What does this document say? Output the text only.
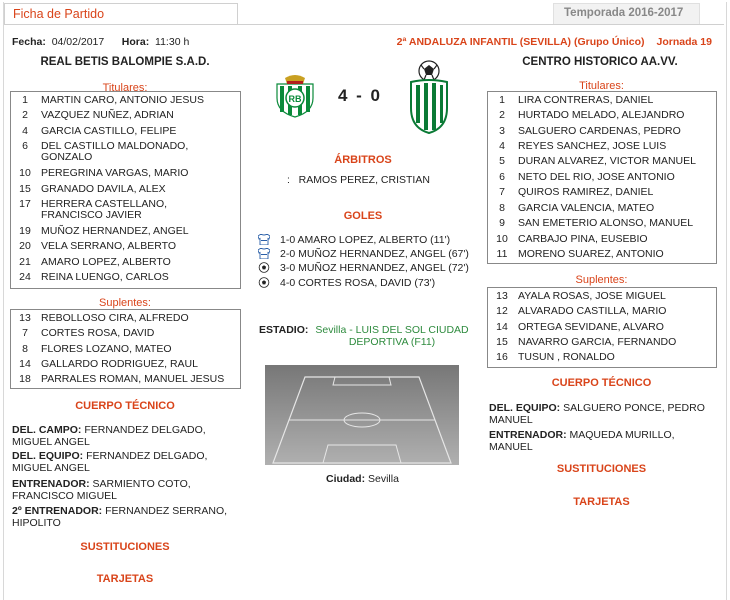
Ficha de Partido	Temporada 2016-2017
Fecha: 04/02/2017 Hora: 11:30 h	2ª ANDALUZA INFANTIL (SEVILLA) (Grupo Único) Jornada 19
REAL BETIS BALOMPIE S.A.D.	CENTRO HISTORICO AA.VV.
RB 4 - 0
Titulares:
1	MARTIN CARO, ANTONIO JESUS
2	VAZQUEZ NUÑEZ, ADRIAN
4	GARCIA CASTILLO, FELIPE
6	DEL CASTILLO MALDONADO, GONZALO
10 PEREGRINA VARGAS, MARIO
15 GRANADO DAVILA, ALEX
17 HERRERA CASTELLANO, FRANCISCO JAVIER
19 MUÑOZ HERNANDEZ, ANGEL
20 VELA SERRANO, ALBERTO
21 AMARO LOPEZ, ALBERTO
24 REINA LUENGO, CARLOS
Suplentes:
13 REBOLLOSO CIRA, ALFREDO
7	CORTES ROSA, DAVID
8	FLORES LOZANO, MATEO
14 GALLARDO RODRIGUEZ, RAUL
18 PARRALES ROMAN, MANUEL JESUS
CUERPO TÉCNICO
DEL. CAMPO: FERNANDEZ DELGADO, MIGUEL ANGEL
DEL. EQUIPO: FERNANDEZ DELGADO, MIGUEL ANGEL
ENTRENADOR: SARMIENTO COTO, FRANCISCO MIGUEL
2º ENTRENADOR: FERNANDEZ SERRANO, HIPOLITO
SUSTITUCIONES
TARJETAS
ÁRBITROS
:   RAMOS PEREZ, CRISTIAN
GOLES
1-0 AMARO LOPEZ, ALBERTO (11')
2-0 MUÑOZ HERNANDEZ, ANGEL (67')
3-0 MUÑOZ HERNANDEZ, ANGEL (72')
4-0 CORTES ROSA, DAVID (73')
ESTADIO: Sevilla - LUIS DEL SOL CIUDAD DEPORTIVA (F11)
Ciudad: Sevilla
Titulares:
1	LIRA CONTRERAS, DANIEL
2	HURTADO MELADO, ALEJANDRO
3	SALGUERO CARDENAS, PEDRO
4	REYES SANCHEZ, JOSE LUIS
5	DURAN ALVAREZ, VICTOR MANUEL
6	NETO DEL RIO, JOSE ANTONIO
7	QUIROS RAMIREZ, DANIEL
8	GARCIA VALENCIA, MATEO
9	SAN EMETERIO ALONSO, MANUEL
10 CARBAJO PINA, EUSEBIO
11	MORENO SUAREZ, ANTONIO
Suplentes:
13 AYALA ROSAS, JOSE MIGUEL
12 ALVARADO CASTILLA, MARIO
14 ORTEGA SEVIDANE, ALVARO
15 NAVARRO GARCIA, FERNANDO
16 TUSUN , RONALDO
CUERPO TÉCNICO
DEL. EQUIPO: SALGUERO PONCE, PEDRO MANUEL
ENTRENADOR: MAQUEDA MURILLO, MANUEL
SUSTITUCIONES
TARJETAS
